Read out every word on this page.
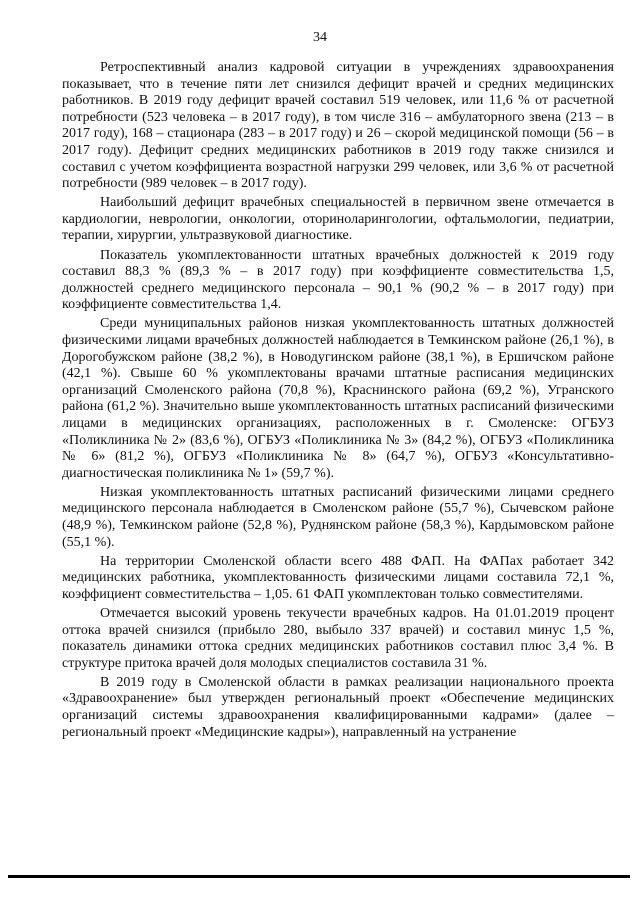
34

Ретроспективный анализ кадровой ситуации в учреждениях здравоохранения показывает, что в течение пяти лет снизился дефицит врачей и средних медицинских работников. В 2019 году дефицит врачей составил 519 человек, или 11,6 % от расчетной потребности (523 человека – в 2017 году), в том числе 316 – амбулаторного звена (213 – в 2017 году), 168 – стационара (283 – в 2017 году) и 26 – скорой медицинской помощи (56 – в 2017 году). Дефицит средних медицинских работников в 2019 году также снизился и составил с учетом коэффициента возрастной нагрузки 299 человек, или 3,6 % от расчетной потребности (989 человек – в 2017 году).

Наибольший дефицит врачебных специальностей в первичном звене отмечается в кардиологии, неврологии, онкологии, оториноларингологии, офтальмологии, педиатрии, терапии, хирургии, ультразвуковой диагностике.

Показатель укомплектованности штатных врачебных должностей к 2019 году составил 88,3 % (89,3 % – в 2017 году) при коэффициенте совместительства 1,5, должностей среднего медицинского персонала – 90,1 % (90,2 % – в 2017 году) при коэффициенте совместительства 1,4.

Среди муниципальных районов низкая укомплектованность штатных должностей физическими лицами врачебных должностей наблюдается в Темкинском районе (26,1 %), в Дорогобужском районе (38,2 %), в Новодугинском районе (38,1 %), в Ершичском районе (42,1 %). Свыше 60 % укомплектованы врачами штатные расписания медицинских организаций Смоленского района (70,8 %), Краснинского района (69,2 %), Угранского района (61,2 %). Значительно выше укомплектованность штатных расписаний физическими лицами в медицинских организациях, расположенных в г. Смоленске: ОГБУЗ «Поликлиника № 2» (83,6 %), ОГБУЗ «Поликлиника № 3» (84,2 %), ОГБУЗ «Поликлиника № 6» (81,2 %), ОГБУЗ «Поликлиника № 8» (64,7 %), ОГБУЗ «Консультативно-диагностическая поликлиника № 1» (59,7 %).

Низкая укомплектованность штатных расписаний физическими лицами среднего медицинского персонала наблюдается в Смоленском районе (55,7 %), Сычевском районе (48,9 %), Темкинском районе (52,8 %), Руднянском районе (58,3 %), Кардымовском районе (55,1 %).

На территории Смоленской области всего 488 ФАП. На ФАПах работает 342 медицинских работника, укомплектованность физическими лицами составила 72,1 %, коэффициент совместительства – 1,05. 61 ФАП укомплектован только совместителями.

Отмечается высокий уровень текучести врачебных кадров. На 01.01.2019 процент оттока врачей снизился (прибыло 280, выбыло 337 врачей) и составил минус 1,5 %, показатель динамики оттока средних медицинских работников составил плюс 3,4 %. В структуре притока врачей доля молодых специалистов составила 31 %.

В 2019 году в Смоленской области в рамках реализации национального проекта «Здравоохранение» был утвержден региональный проект «Обеспечение медицинских организаций системы здравоохранения квалифицированными кадрами» (далее – региональный проект «Медицинские кадры»), направленный на устранение
